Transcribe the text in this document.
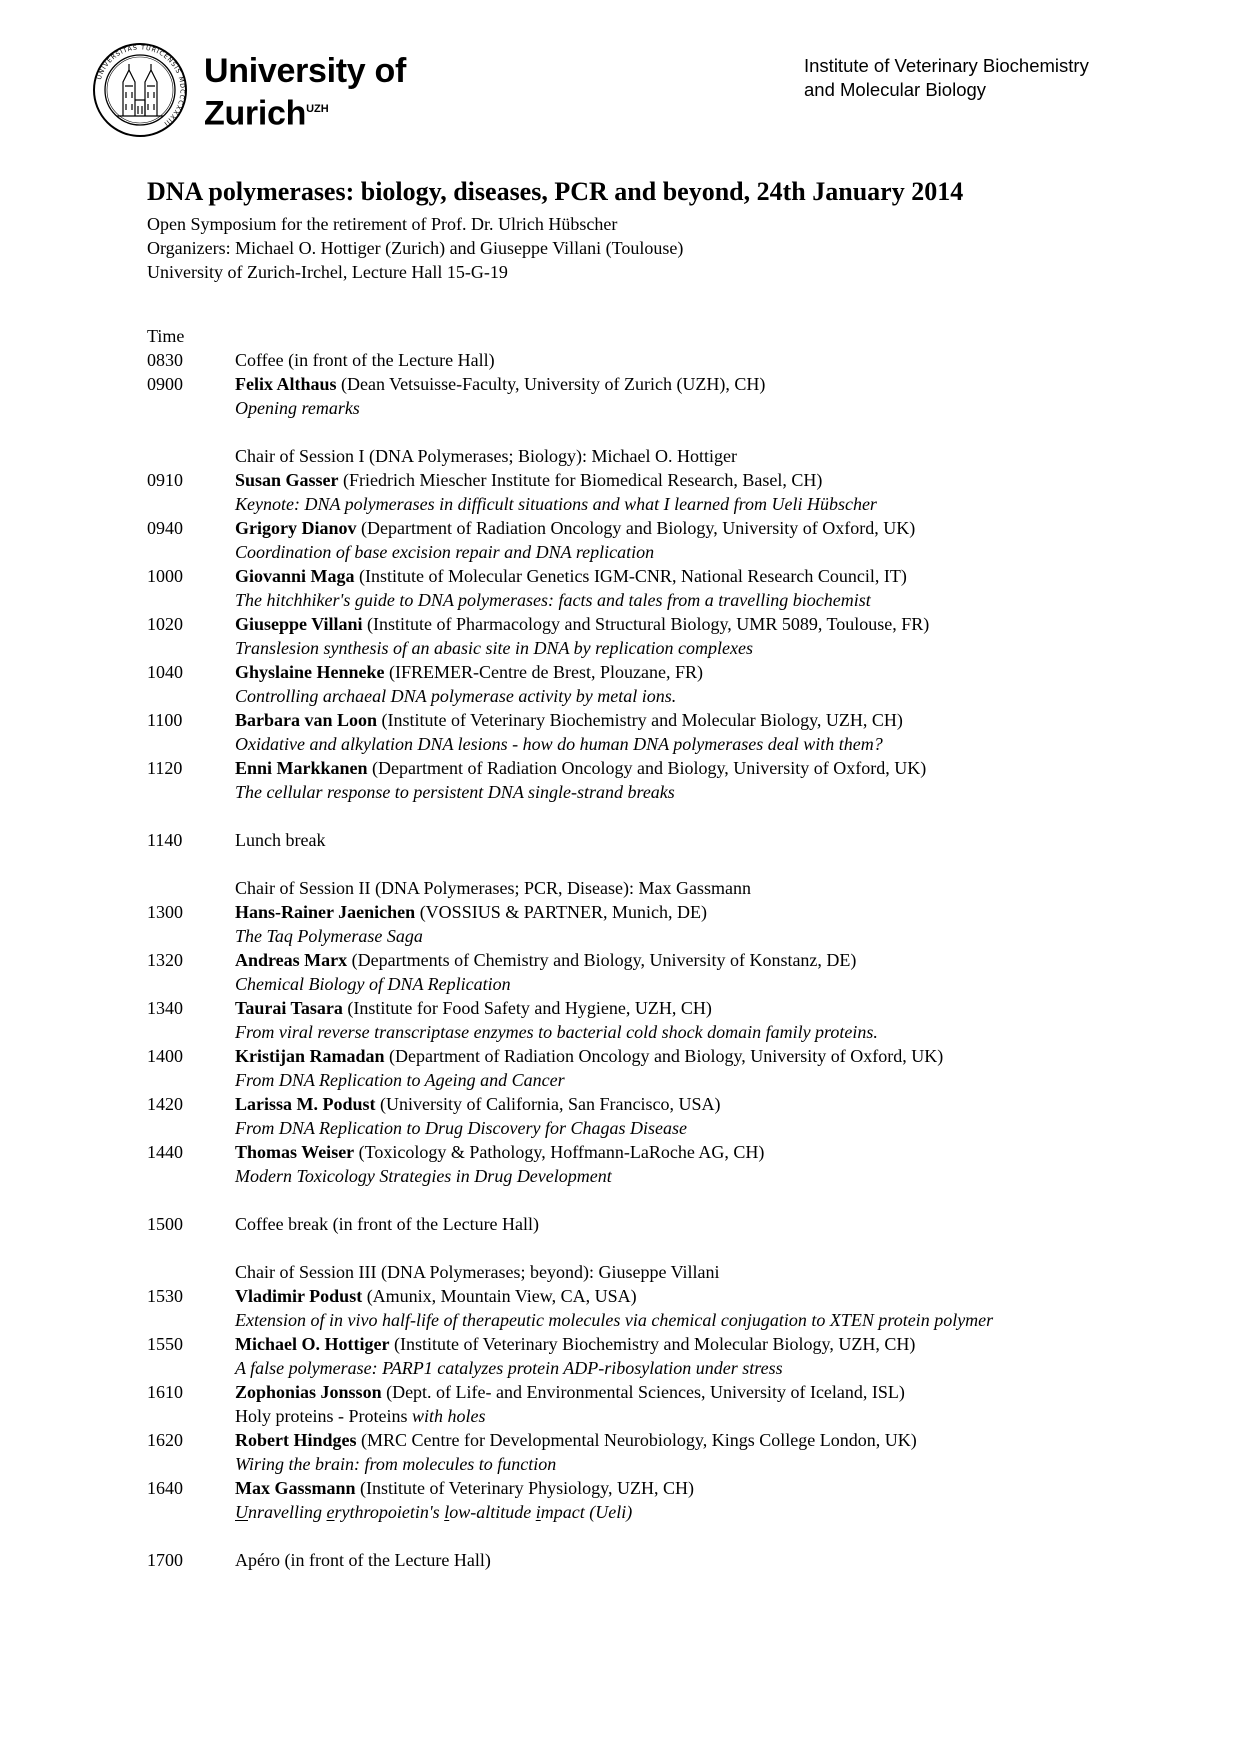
UNIVERSITAS TURICENSIS MDCCCXXXIII
University of
Zurich$^{UZH}$
Institute of Veterinary Biochemistry
and Molecular Biology
DNA polymerases: biology, diseases, PCR and beyond, 24th January 2014
Open Symposium for the retirement of Prof. Dr. Ulrich Hübscher
Organizers: Michael O. Hottiger (Zurich) and Giuseppe Villani (Toulouse)
University of Zurich-Irchel, Lecture Hall 15-G-19
Time
0830	Coffee (in front of the Lecture Hall)
0900	Felix Althaus (Dean Vetsuisse-Faculty, University of Zurich (UZH), CH)
Opening remarks
Chair of Session I (DNA Polymerases; Biology): Michael O. Hottiger
0910	Susan Gasser (Friedrich Miescher Institute for Biomedical Research, Basel, CH)
Keynote: DNA polymerases in difficult situations and what I learned from Ueli Hübscher
0940	Grigory Dianov (Department of Radiation Oncology and Biology, University of Oxford, UK)
Coordination of base excision repair and DNA replication
1000	Giovanni Maga (Institute of Molecular Genetics IGM-CNR, National Research Council, IT)
The hitchhiker's guide to DNA polymerases: facts and tales from a travelling biochemist
1020	Giuseppe Villani (Institute of Pharmacology and Structural Biology, UMR 5089, Toulouse, FR)
Translesion synthesis of an abasic site in DNA by replication complexes
1040	Ghyslaine Henneke (IFREMER-Centre de Brest, Plouzane, FR)
Controlling archaeal DNA polymerase activity by metal ions.
1100	Barbara van Loon (Institute of Veterinary Biochemistry and Molecular Biology, UZH, CH)
Oxidative and alkylation DNA lesions - how do human DNA polymerases deal with them?
1120	Enni Markkanen (Department of Radiation Oncology and Biology, University of Oxford, UK)
The cellular response to persistent DNA single-strand breaks
1140	Lunch break
Chair of Session II (DNA Polymerases; PCR, Disease): Max Gassmann
1300	Hans-Rainer Jaenichen (VOSSIUS & PARTNER, Munich, DE)
The Taq Polymerase Saga
1320	Andreas Marx (Departments of Chemistry and Biology, University of Konstanz, DE)
Chemical Biology of DNA Replication
1340	Taurai Tasara (Institute for Food Safety and Hygiene, UZH, CH)
From viral reverse transcriptase enzymes to bacterial cold shock domain family proteins.
1400	Kristijan Ramadan (Department of Radiation Oncology and Biology, University of Oxford, UK)
From DNA Replication to Ageing and Cancer
1420	Larissa M. Podust (University of California, San Francisco, USA)
From DNA Replication to Drug Discovery for Chagas Disease
1440	Thomas Weiser (Toxicology & Pathology, Hoffmann-LaRoche AG, CH)
Modern Toxicology Strategies in Drug Development
1500	Coffee break (in front of the Lecture Hall)
Chair of Session III (DNA Polymerases; beyond): Giuseppe Villani
1530	Vladimir Podust (Amunix, Mountain View, CA, USA)
Extension of in vivo half-life of therapeutic molecules via chemical conjugation to XTEN protein polymer
1550	Michael O. Hottiger (Institute of Veterinary Biochemistry and Molecular Biology, UZH, CH)
A false polymerase: PARP1 catalyzes protein ADP-ribosylation under stress
1610	Zophonias Jonsson (Dept. of Life- and Environmental Sciences, University of Iceland, ISL)
Holy proteins - Proteins with holes
1620	Robert Hindges (MRC Centre for Developmental Neurobiology, Kings College London, UK)
Wiring the brain: from molecules to function
1640	Max Gassmann (Institute of Veterinary Physiology, UZH, CH)
Unravelling erythropoietin's low-altitude impact (Ueli)
1700	Apéro (in front of the Lecture Hall)
